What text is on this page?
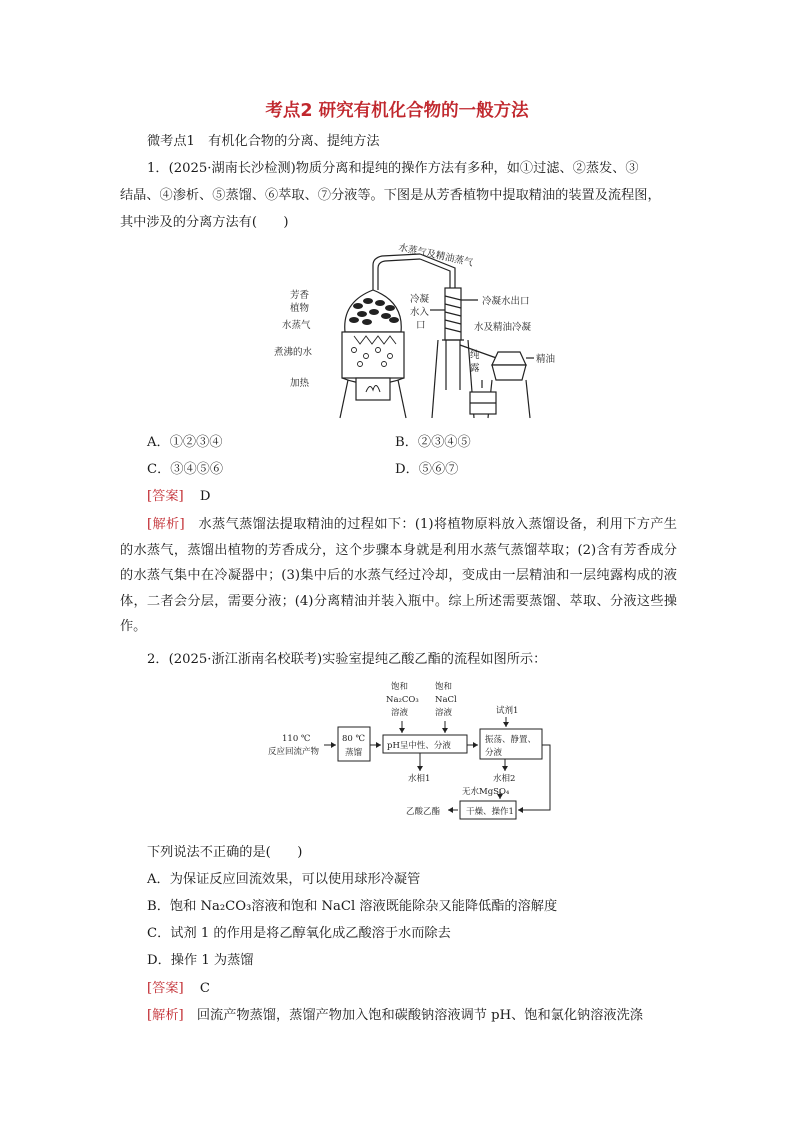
考点2 研究有机化合物的一般方法
微考点1　有机化合物的分离、提纯方法
1．(2025·湖南长沙检测)物质分离和提纯的操作方法有多种，如①过滤、②蒸发、③
结晶、④渗析、⑤蒸馏、⑥萃取、⑦分液等。下图是从芳香植物中提取精油的装置及流程图，
其中涉及的分离方法有(　　)
芳香
植物
水蒸气
煮沸的水
加热
冷凝
水入
口
冷凝水出口
水及精油冷凝
纯
露
精油
水蒸气及精油蒸气
A．①②③④	B．②③④⑤
C．③④⑤⑥	D．⑤⑥⑦
[答案] D
[解析]　 水蒸气蒸馏法提取精油的过程如下：(1)将植物原料放入蒸馏设备，利用下方产生的水蒸气，蒸馏出植物的芳香成分，这个步骤本身就是利用水蒸气蒸馏萃取；(2)含有芳香成分的水蒸气集中在冷凝器中；(3)集中后的水蒸气经过冷却，变成由一层精油和一层纯露构成的液体，二者会分层，需要分液；(4)分离精油并装入瓶中。综上所述需要蒸馏、萃取、分液这些操作。
2．(2025·浙江浙南名校联考)实验室提纯乙酸乙酯的流程如图所示：
110 ℃
反应回流产物
80 ℃
蒸馏
饱和
Na₂CO₃
溶液
饱和
NaCl
溶液
pH呈中性、分液
试剂1
振荡、静置、
分液
水相1	水相2
无水MgSO₄
干燥、操作1
乙酸乙酯
下列说法不正确的是(　　)
A．为保证反应回流效果，可以使用球形冷凝管
B．饱和 Na₂CO₃溶液和饱和 NaCl 溶液既能除杂又能降低酯的溶解度
C．试剂 1 的作用是将乙醇氧化成乙酸溶于水而除去
D．操作 1 为蒸馏
[答案] C
[解析]　 回流产物蒸馏，蒸馏产物加入饱和碳酸钠溶液调节 pH、饱和氯化钠溶液洗涤
